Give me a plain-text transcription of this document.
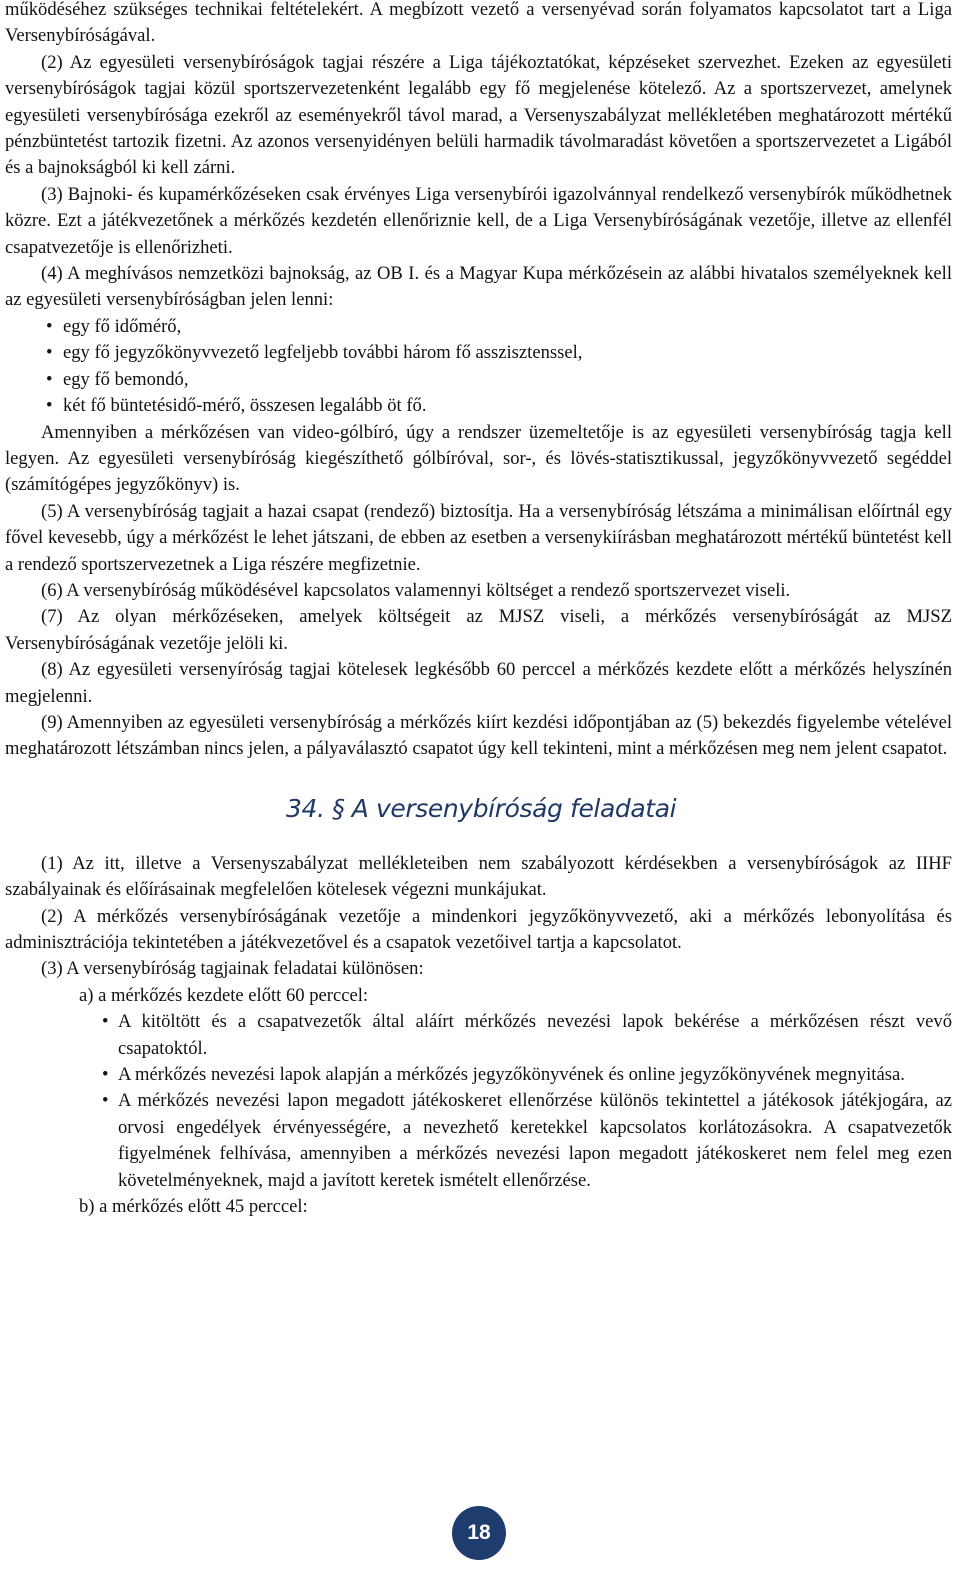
működéséhez szükséges technikai feltételekért. A megbízott vezető a versenyévad során folyamatos kapcsolatot tart a Liga Versenybíróságával.

(2) Az egyesületi versenybíróságok tagjai részére a Liga tájékoztatókat, képzéseket szervezhet. Ezeken az egyesületi versenybíróságok tagjai közül sportszervezetenként legalább egy fő megjelenése kötelező. Az a sportszervezet, amelynek egyesületi versenybírósága ezekről az eseményekről távol marad, a Versenyszabályzat mellékletében meghatározott mértékű pénzbüntetést tartozik fizetni. Az azonos versenyidényen belüli harmadik távolmaradást követően a sportszervezetet a Ligából és a bajnokságból ki kell zárni.

(3) Bajnoki- és kupamérkőzéseken csak érvényes Liga versenybírói igazolvánnyal rendelkező versenybírók működhetnek közre. Ezt a játékvezetőnek a mérkőzés kezdetén ellenőriznie kell, de a Liga Versenybíróságának vezetője, illetve az ellenfél csapatvezetője is ellenőrizheti.

(4) A meghívásos nemzetközi bajnokság, az OB I. és a Magyar Kupa mérkőzésein az alábbi hivatalos személyeknek kell az egyesületi versenybíróságban jelen lenni:

• egy fő időmérő,
• egy fő jegyzőkönyvvezető legfeljebb további három fő asszisztenssel,
• egy fő bemondó,
• két fő büntetésidő-mérő, összesen legalább öt fő.

Amennyiben a mérkőzésen van video-gólbíró, úgy a rendszer üzemeltetője is az egyesületi versenybíróság tagja kell legyen. Az egyesületi versenybíróság kiegészíthető gólbíróval, sor-, és lövés-statisztikussal, jegyzőkönyvvezető segéddel (számítógépes jegyzőkönyv) is.

(5) A versenybíróság tagjait a hazai csapat (rendező) biztosítja. Ha a versenybíróság létszáma a minimálisan előírtnál egy fővel kevesebb, úgy a mérkőzést le lehet játszani, de ebben az esetben a versenykiírásban meghatározott mértékű büntetést kell a rendező sportszervezetnek a Liga részére megfizetnie.

(6) A versenybíróság működésével kapcsolatos valamennyi költséget a rendező sportszervezet viseli.

(7) Az olyan mérkőzéseken, amelyek költségeit az MJSZ viseli, a mérkőzés versenybíróságát az MJSZ Versenybíróságának vezetője jelöli ki.

(8) Az egyesületi versenyíróság tagjai kötelesek legkésőbb 60 perccel a mérkőzés kezdete előtt a mérkőzés helyszínén megjelenni.

(9) Amennyiben az egyesületi versenybíróság a mérkőzés kiírt kezdési időpontjában az (5) bekezdés figyelembe vételével meghatározott létszámban nincs jelen, a pályaválasztó csapatot úgy kell tekinteni, mint a mérkőzésen meg nem jelent csapatot.

34. § A versenybíróság feladatai

(1) Az itt, illetve a Versenyszabályzat mellékleteiben nem szabályozott kérdésekben a versenybíróságok az IIHF szabályainak és előírásainak megfelelően kötelesek végezni munkájukat.

(2) A mérkőzés versenybíróságának vezetője a mindenkori jegyzőkönyvvezető, aki a mérkőzés lebonyolítása és adminisztrációja tekintetében a játékvezetővel és a csapatok vezetőivel tartja a kapcsolatot.

(3) A versenybíróság tagjainak feladatai különösen:

a) a mérkőzés kezdete előtt 60 perccel:

• A kitöltött és a csapatvezetők által aláírt mérkőzés nevezési lapok bekérése a mérkőzésen részt vevő csapatoktól.
• A mérkőzés nevezési lapok alapján a mérkőzés jegyzőkönyvének és online jegyzőkönyvének megnyitása.
• A mérkőzés nevezési lapon megadott játékoskeret ellenőrzése különös tekintettel a játékosok játékjogára, az orvosi engedélyek érvényességére, a nevezhető keretekkel kapcsolatos korlátozásokra. A csapatvezetők figyelmének felhívása, amennyiben a mérkőzés nevezési lapon megadott játékoskeret nem felel meg ezen követelményeknek, majd a javított keretek ismételt ellenőrzése.

b) a mérkőzés előtt 45 perccel:

18
